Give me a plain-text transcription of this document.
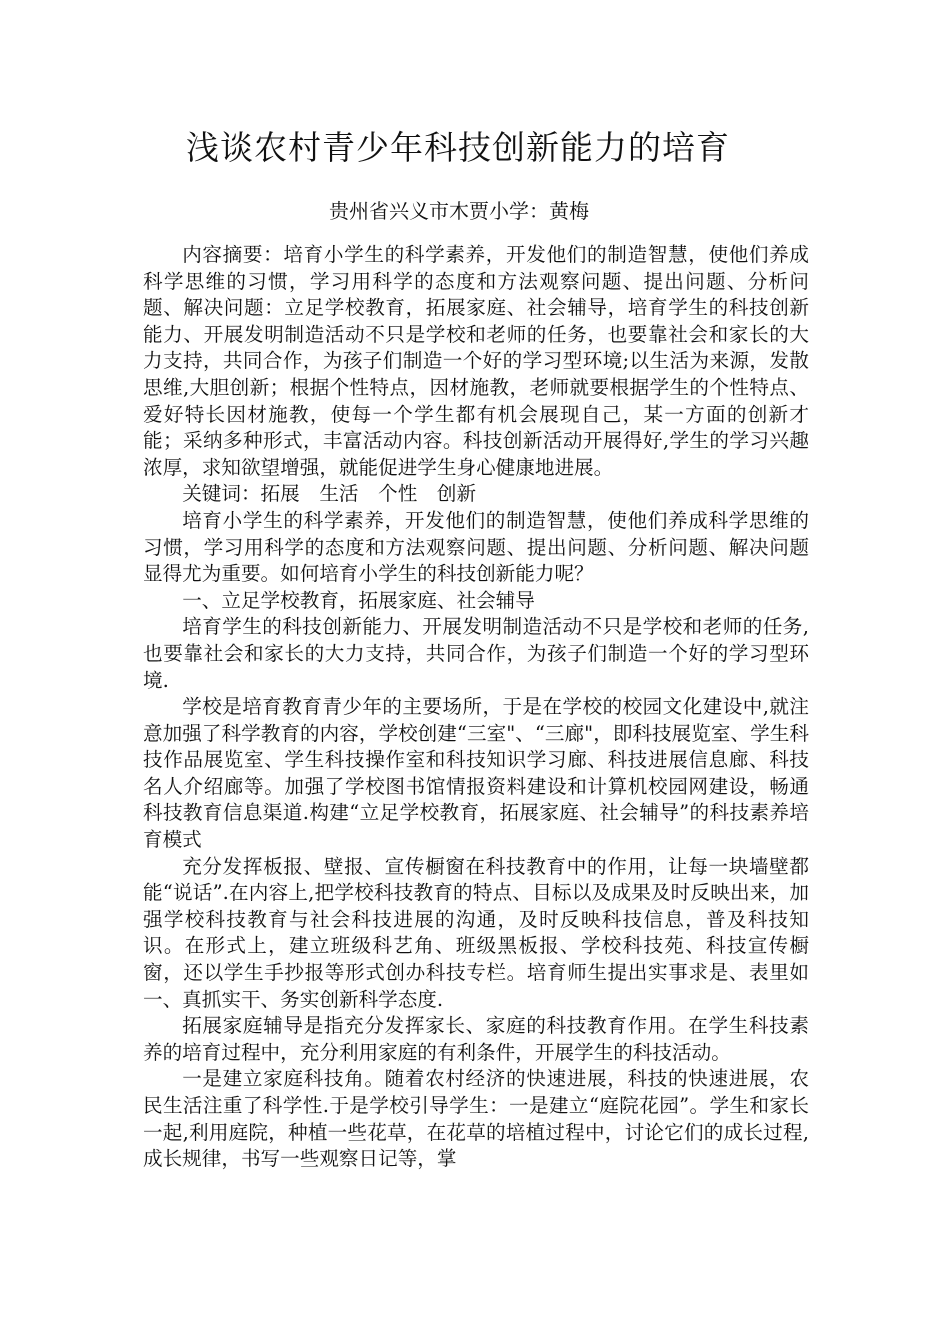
浅谈农村青少年科技创新能力的培育

贵州省兴义市木贾小学：黄梅

内容摘要：培育小学生的科学素养，开发他们的制造智慧，使他们养成科学思维的习惯，学习用科学的态度和方法观察问题、提出问题、分析问题、解决问题：立足学校教育，拓展家庭、社会辅导，培育学生的科技创新能力、开展发明制造活动不只是学校和老师的任务，也要靠社会和家长的大力支持，共同合作，为孩子们制造一个好的学习型环境;以生活为来源，发散思维,大胆创新；根据个性特点，因材施教，老师就要根据学生的个性特点、爱好特长因材施教，使每一个学生都有机会展现自己，某一方面的创新才能；采纳多种形式，丰富活动内容。科技创新活动开展得好,学生的学习兴趣浓厚，求知欲望增强，就能促进学生身心健康地进展。

关键词：拓展　生活　个性　创新

培育小学生的科学素养，开发他们的制造智慧，使他们养成科学思维的习惯，学习用科学的态度和方法观察问题、提出问题、分析问题、解决问题显得尤为重要。如何培育小学生的科技创新能力呢？

一、立足学校教育，拓展家庭、社会辅导

培育学生的科技创新能力、开展发明制造活动不只是学校和老师的任务,也要靠社会和家长的大力支持，共同合作，为孩子们制造一个好的学习型环境.

学校是培育教育青少年的主要场所，于是在学校的校园文化建设中,就注意加强了科学教育的内容，学校创建“三室"、“三廊"，即科技展览室、学生科技作品展览室、学生科技操作室和科技知识学习廊、科技进展信息廊、科技名人介绍廊等。加强了学校图书馆情报资料建设和计算机校园网建设，畅通科技教育信息渠道.构建“立足学校教育，拓展家庭、社会辅导”的科技素养培育模式

充分发挥板报、壁报、宣传橱窗在科技教育中的作用，让每一块墙壁都能“说话”.在内容上,把学校科技教育的特点、目标以及成果及时反映出来，加强学校科技教育与社会科技进展的沟通，及时反映科技信息，普及科技知识。在形式上，建立班级科艺角、班级黑板报、学校科技苑、科技宣传橱窗，还以学生手抄报等形式创办科技专栏。培育师生提出实事求是、表里如一、真抓实干、务实创新科学态度.

拓展家庭辅导是指充分发挥家长、家庭的科技教育作用。在学生科技素养的培育过程中，充分利用家庭的有利条件，开展学生的科技活动。

一是建立家庭科技角。随着农村经济的快速进展，科技的快速进展，农民生活注重了科学性.于是学校引导学生：一是建立“庭院花园”。学生和家长一起,利用庭院，种植一些花草，在花草的培植过程中，讨论它们的成长过程,成长规律，书写一些观察日记等，掌
